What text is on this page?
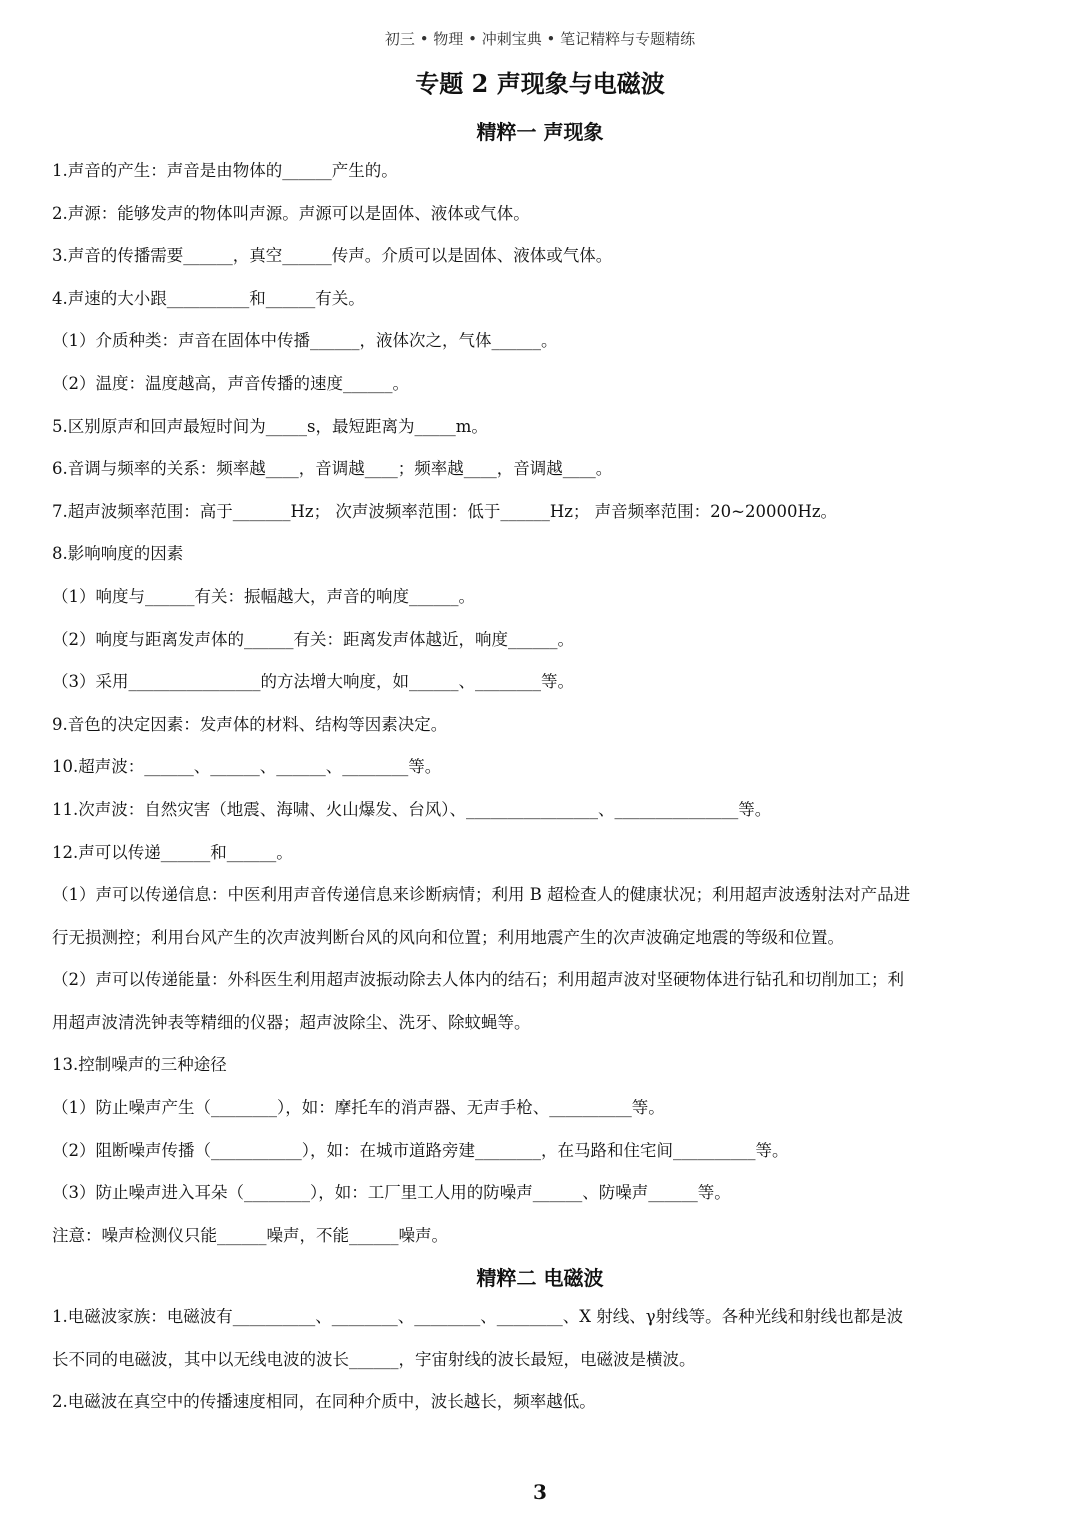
初三 • 物理 • 冲刺宝典 • 笔记精粹与专题精练
专题 2 声现象与电磁波
精粹一 声现象
1.声音的产生：声音是由物体的______产生的。
2.声源：能够发声的物体叫声源。声源可以是固体、液体或气体。
3.声音的传播需要______，真空______传声。介质可以是固体、液体或气体。
4.声速的大小跟__________和______有关。
（1）介质种类：声音在固体中传播______，液体次之，气体______。
（2）温度：温度越高，声音传播的速度______。
5.区别原声和回声最短时间为_____s，最短距离为_____m。
6.音调与频率的关系：频率越____，音调越____；频率越____，音调越____。
7.超声波频率范围：高于_______Hz； 次声波频率范围：低于______Hz； 声音频率范围：20~20000Hz。
8.影响响度的因素
（1）响度与______有关：振幅越大，声音的响度______。
（2）响度与距离发声体的______有关：距离发声体越近，响度______。
（3）采用________________的方法增大响度，如______、________等。
9.音色的决定因素：发声体的材料、结构等因素决定。
10.超声波：______、______、______、________等。
11.次声波：自然灾害（地震、海啸、火山爆发、台风）、________________、_______________等。
12.声可以传递______和______。
（1）声可以传递信息：中医利用声音传递信息来诊断病情；利用 B 超检查人的健康状况；利用超声波透射法对产品进
行无损测控；利用台风产生的次声波判断台风的风向和位置；利用地震产生的次声波确定地震的等级和位置。
（2）声可以传递能量：外科医生利用超声波振动除去人体内的结石；利用超声波对坚硬物体进行钻孔和切削加工；利
用超声波清洗钟表等精细的仪器；超声波除尘、洗牙、除蚊蝇等。
13.控制噪声的三种途径
（1）防止噪声产生（________），如：摩托车的消声器、无声手枪、__________等。
（2）阻断噪声传播（___________），如：在城市道路旁建________，在马路和住宅间__________等。
（3）防止噪声进入耳朵（________），如：工厂里工人用的防噪声______、防噪声______等。
注意：噪声检测仪只能______噪声，不能______噪声。
精粹二 电磁波
1.电磁波家族：电磁波有__________、________、________、________、X 射线、γ射线等。各种光线和射线也都是波
长不同的电磁波，其中以无线电波的波长______，宇宙射线的波长最短，电磁波是横波。
2.电磁波在真空中的传播速度相同，在同种介质中，波长越长，频率越低。
3
